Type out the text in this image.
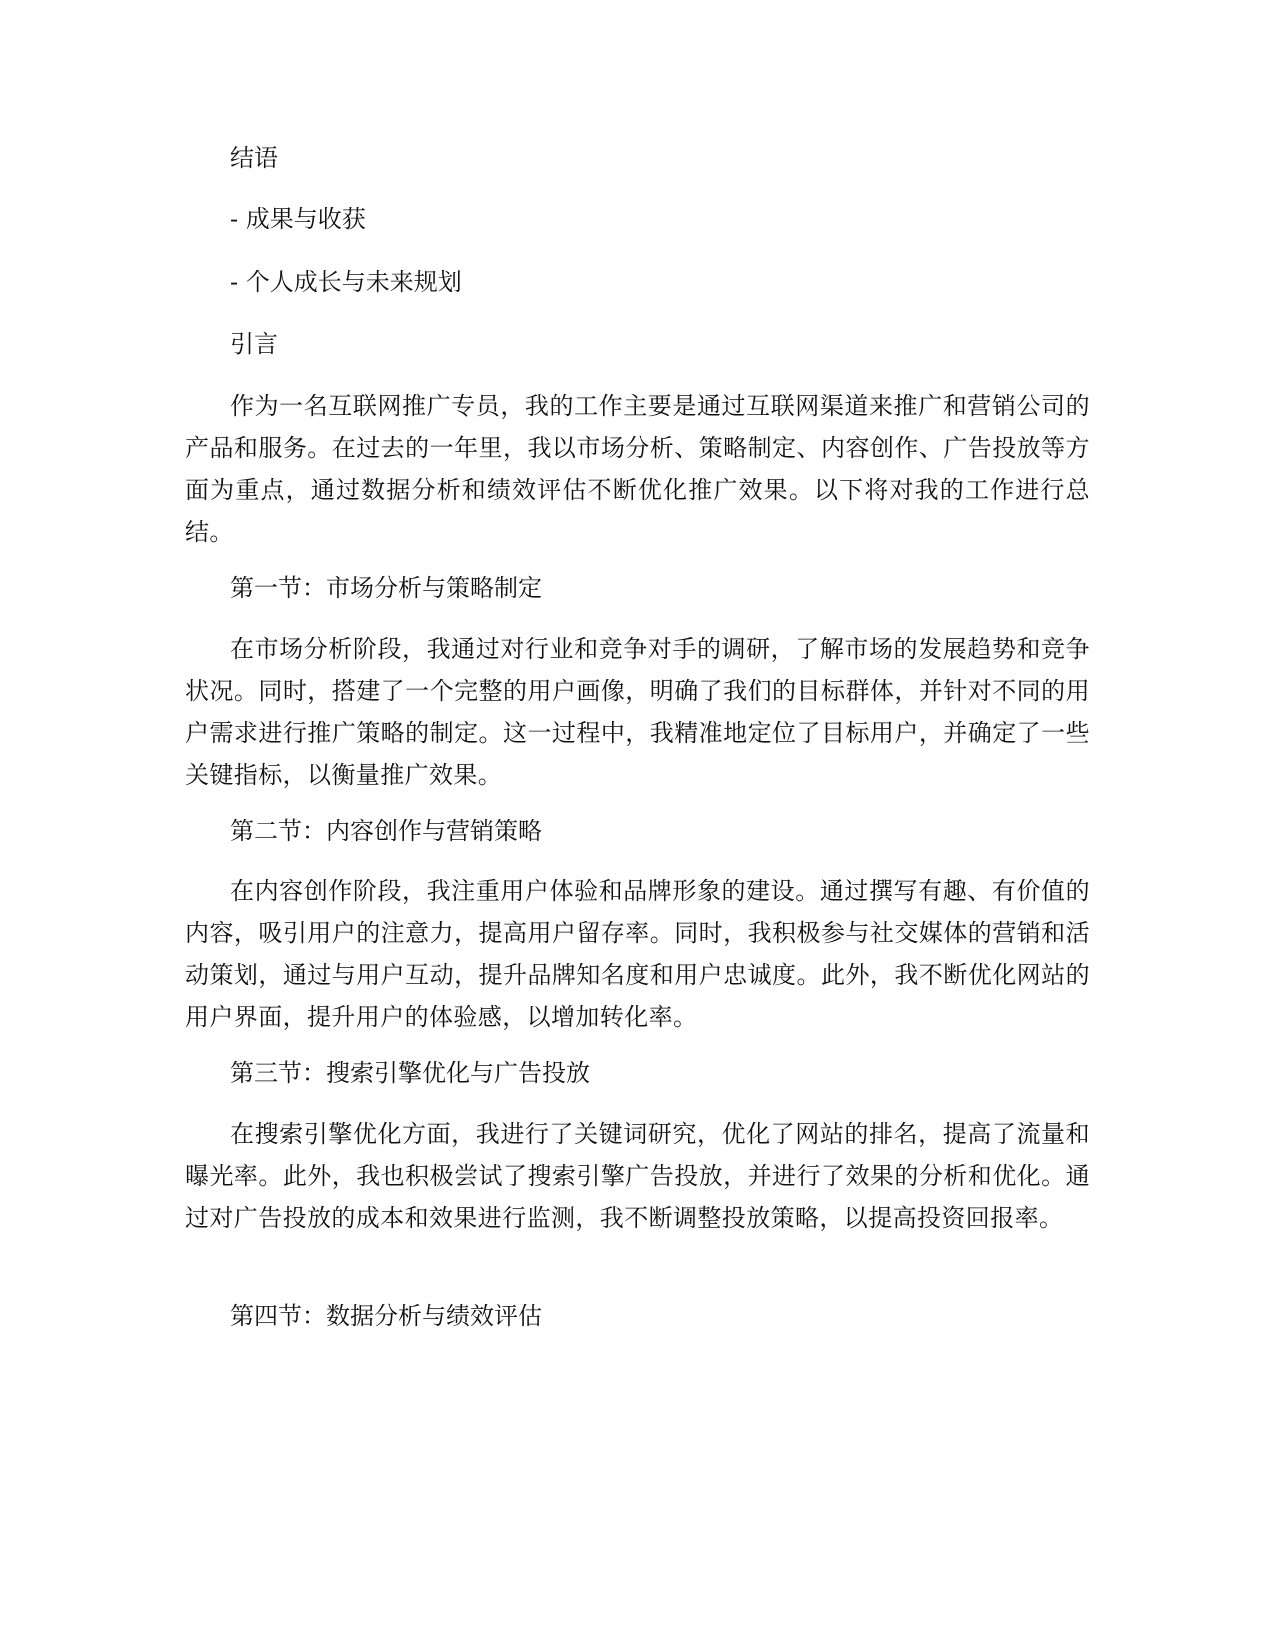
结语

- 成果与收获

- 个人成长与未来规划

引言

作为一名互联网推广专员，我的工作主要是通过互联网渠道来推广和营销公司的产品和服务。在过去的一年里，我以市场分析、策略制定、内容创作、广告投放等方面为重点，通过数据分析和绩效评估不断优化推广效果。以下将对我的工作进行总结。

第一节：市场分析与策略制定

在市场分析阶段，我通过对行业和竞争对手的调研，了解市场的发展趋势和竞争状况。同时，搭建了一个完整的用户画像，明确了我们的目标群体，并针对不同的用户需求进行推广策略的制定。这一过程中，我精准地定位了目标用户，并确定了一些关键指标，以衡量推广效果。

第二节：内容创作与营销策略

在内容创作阶段，我注重用户体验和品牌形象的建设。通过撰写有趣、有价值的内容，吸引用户的注意力，提高用户留存率。同时，我积极参与社交媒体的营销和活动策划，通过与用户互动，提升品牌知名度和用户忠诚度。此外，我不断优化网站的用户界面，提升用户的体验感，以增加转化率。

第三节：搜索引擎优化与广告投放

在搜索引擎优化方面，我进行了关键词研究，优化了网站的排名，提高了流量和曝光率。此外，我也积极尝试了搜索引擎广告投放，并进行了效果的分析和优化。通过对广告投放的成本和效果进行监测，我不断调整投放策略，以提高投资回报率。

第四节：数据分析与绩效评估
